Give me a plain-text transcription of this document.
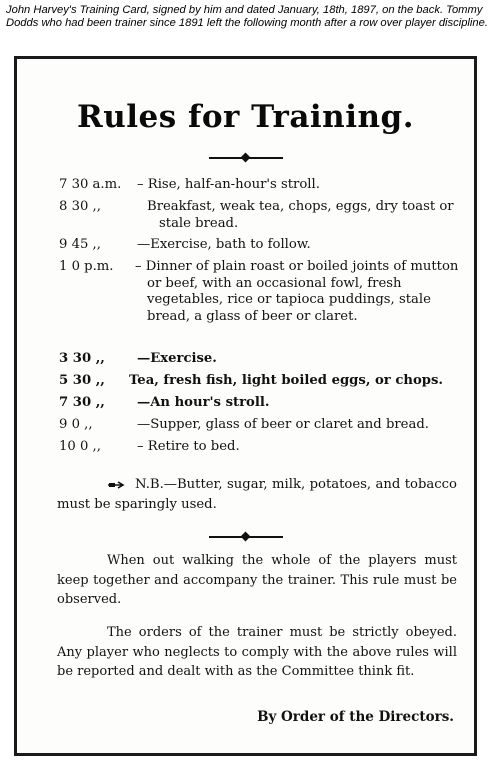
John Harvey's Training Card, signed by him and dated January, 18th, 1897, on the back. Tommy Dodds who had been trainer since 1891 left the following month after a row over player discipline.
Rules for Training.
7 30 a.m.	– Rise, half-an-hour's stroll.
8 30 ,,	Breakfast, weak tea, chops, eggs, dry toast or stale bread.
9 45 ,,	—Exercise, bath to follow.
1 0 p.m.	– Dinner of plain roast or boiled joints of mutton or beef, with an occasional fowl, fresh vegetables, rice or tapioca puddings, stale bread, a glass of beer or claret.
3 30 ,,	—Exercise.
5 30 ,,	Tea, fresh fish, light boiled eggs, or chops.
7 30 ,,	—An hour's stroll.
9 0 ,,	—Supper, glass of beer or claret and bread.
10 0 ,,	– Retire to bed.
N.B.—Butter, sugar, milk, potatoes, and tobacco must be sparingly used.
When out walking the whole of the players must keep together and accompany the trainer. This rule must be observed.
The orders of the trainer must be strictly obeyed. Any player who neglects to comply with the above rules will be reported and dealt with as the Committee think fit.
By Order of the Directors.
